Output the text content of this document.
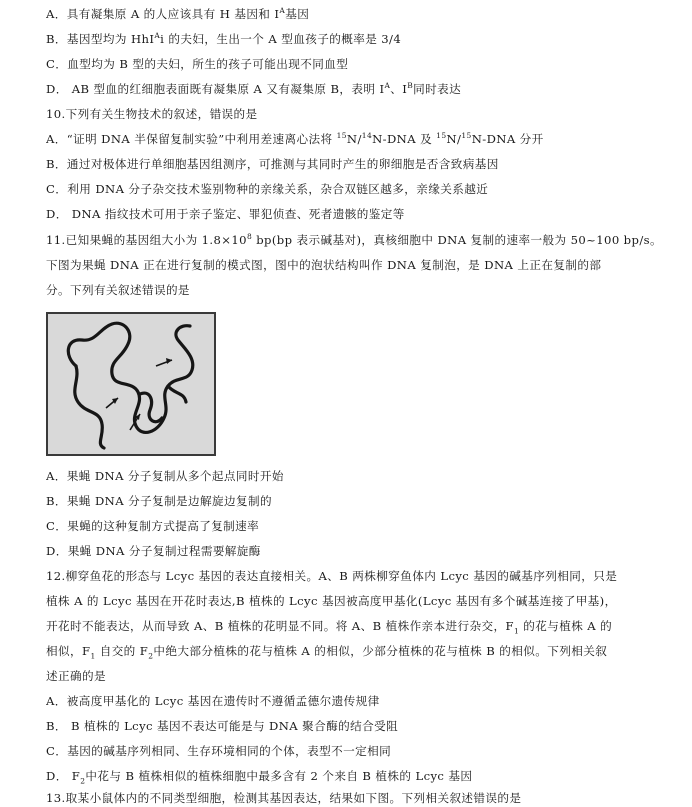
A．具有凝集原 A 的人应该具有 H 基因和 $I^A$基因
B．基因型均为 HhI$^A$i 的夫妇，生出一个 A 型血孩子的概率是 3/4
C．血型均为 B 型的夫妇，所生的孩子可能出现不同血型
D． AB 型血的红细胞表面既有凝集原 A 又有凝集原 B，表明 $I^A$、$I^B$同时表达
10.下列有关生物技术的叙述，错误的是
A．“证明 DNA 半保留复制实验”中利用差速离心法将 $^{15}$N/$^{14}$N-DNA 及 $^{15}$N/$^{15}$N-DNA 分开
B．通过对极体进行单细胞基因组测序，可推测与其同时产生的卵细胞是否含致病基因
C．利用 DNA 分子杂交技术鉴别物种的亲缘关系，杂合双链区越多，亲缘关系越近
D． DNA 指纹技术可用于亲子鉴定、罪犯侦查、死者遗骸的鉴定等
11.已知果蝇的基因组大小为 $1.8\times 10^8$ bp(bp 表示碱基对)，真核细胞中 DNA 复制的速率一般为 50~100 bp/s。
下图为果蝇 DNA 正在进行复制的模式图，图中的泡状结构叫作 DNA 复制泡，是 DNA 上正在复制的部
分。下列有关叙述错误的是
A．果蝇 DNA 分子复制从多个起点同时开始
B．果蝇 DNA 分子复制是边解旋边复制的
C．果蝇的这种复制方式提高了复制速率
D．果蝇 DNA 分子复制过程需要解旋酶
12.柳穿鱼花的形态与 Lcyc 基因的表达直接相关。A、B 两株柳穿鱼体内 Lcyc 基因的碱基序列相同，只是
植株 A 的 Lcyc 基因在开花时表达,B 植株的 Lcyc 基因被高度甲基化(Lcyc 基因有多个碱基连接了甲基)，
开花时不能表达，从而导致 A、B 植株的花明显不同。将 A、B 植株作亲本进行杂交，$F_1$ 的花与植株 A 的
相似，$F_1$ 自交的 $F_2$中绝大部分植株的花与植株 A 的相似，少部分植株的花与植株 B 的相似。下列相关叙
述正确的是
A．被高度甲基化的 Lcyc 基因在遗传时不遵循孟德尔遗传规律
B． B 植株的 Lcyc 基因不表达可能是与 DNA 聚合酶的结合受阻
C．基因的碱基序列相同、生存环境相同的个体，表型不一定相同
D． $F_2$中花与 B 植株相似的植株细胞中最多含有 2 个来自 B 植株的 Lcyc 基因
13.取某小鼠体内的不同类型细胞，检测其基因表达，结果如下图。下列相关叙述错误的是
